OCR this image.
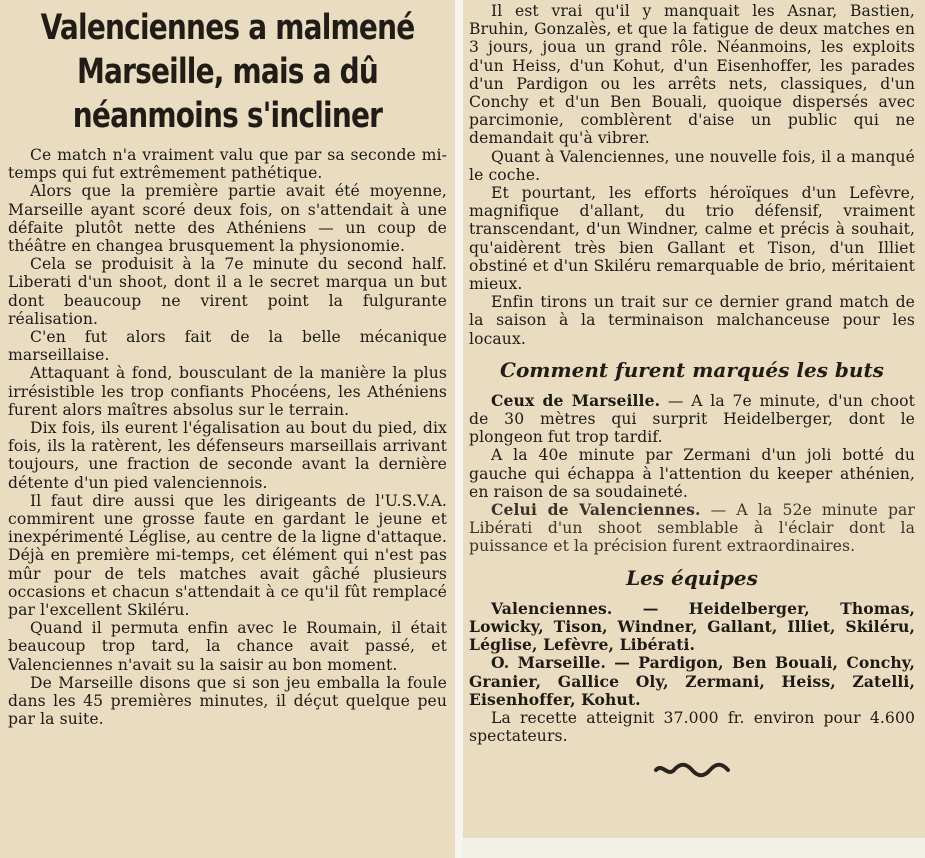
Valenciennes a malmené
Marseille, mais a dû
néanmoins s'incliner

Ce match n'a vraiment valu que par sa seconde mi-temps qui fut extrêmement pathétique.

Alors que la première partie avait été moyenne, Marseille ayant scoré deux fois, on s'attendait à une défaite plutôt nette des Athéniens — un coup de théâtre en changea brusquement la physionomie.

Cela se produisit à la 7e minute du second half. Liberati d'un shoot, dont il a le secret marqua un but dont beaucoup ne virent point la fulgurante réalisation.

C'en fut alors fait de la belle mécanique marseillaise.

Attaquant à fond, bousculant de la manière la plus irrésistible les trop confiants Phocéens, les Athéniens furent alors maîtres absolus sur le terrain.

Dix fois, ils eurent l'égalisation au bout du pied, dix fois, ils la ratèrent, les défenseurs marseillais arrivant toujours, une fraction de seconde avant la dernière détente d'un pied valenciennois.

Il faut dire aussi que les dirigeants de l'U.S.V.A. commirent une grosse faute en gardant le jeune et inexpérimenté Léglise, au centre de la ligne d'attaque. Déjà en première mi-temps, cet élément qui n'est pas mûr pour de tels matches avait gâché plusieurs occasions et chacun s'attendait à ce qu'il fût remplacé par l'excellent Skiléru.

Quand il permuta enfin avec le Roumain, il était beaucoup trop tard, la chance avait passé, et Valenciennes n'avait su la saisir au bon moment.

De Marseille disons que si son jeu emballa la foule dans les 45 premières minutes, il déçut quelque peu par la suite.

Il est vrai qu'il y manquait les Asnar, Bastien, Bruhin, Gonzalès, et que la fatigue de deux matches en 3 jours, joua un grand rôle. Néanmoins, les exploits d'un Heiss, d'un Kohut, d'un Eisenhoffer, les parades d'un Pardigon ou les arrêts nets, classiques, d'un Conchy et d'un Ben Bouali, quoique dispersés avec parcimonie, comblèrent d'aise un public qui ne demandait qu'à vibrer.

Quant à Valenciennes, une nouvelle fois, il a manqué le coche.

Et pourtant, les efforts héroïques d'un Lefèvre, magnifique d'allant, du trio défensif, vraiment transcendant, d'un Windner, calme et précis à souhait, qu'aidèrent très bien Gallant et Tison, d'un Illiet obstiné et d'un Skiléru remarquable de brio, méritaient mieux.

Enfin tirons un trait sur ce dernier grand match de la saison à la terminaison malchanceuse pour les locaux.

Comment furent marqués les buts

Ceux de Marseille. — A la 7e minute, d'un choot de 30 mètres qui surprit Heidelberger, dont le plongeon fut trop tardif.

A la 40e minute par Zermani d'un joli botté du gauche qui échappa à l'attention du keeper athénien, en raison de sa soudaineté.

Celui de Valenciennes. — A la 52e minute par Libérati d'un shoot semblable à l'éclair dont la puissance et la précision furent extraordinaires.

Les équipes

Valenciennes. — Heidelberger, Thomas, Lowicky, Tison, Windner, Gallant, Illiet, Skiléru, Léglise, Lefèvre, Libérati.

O. Marseille. — Pardigon, Ben Bouali, Conchy, Granier, Gallice Oly, Zermani, Heiss, Zatelli, Eisenhoffer, Kohut.

La recette atteignit 37.000 fr. environ pour 4.600 spectateurs.
